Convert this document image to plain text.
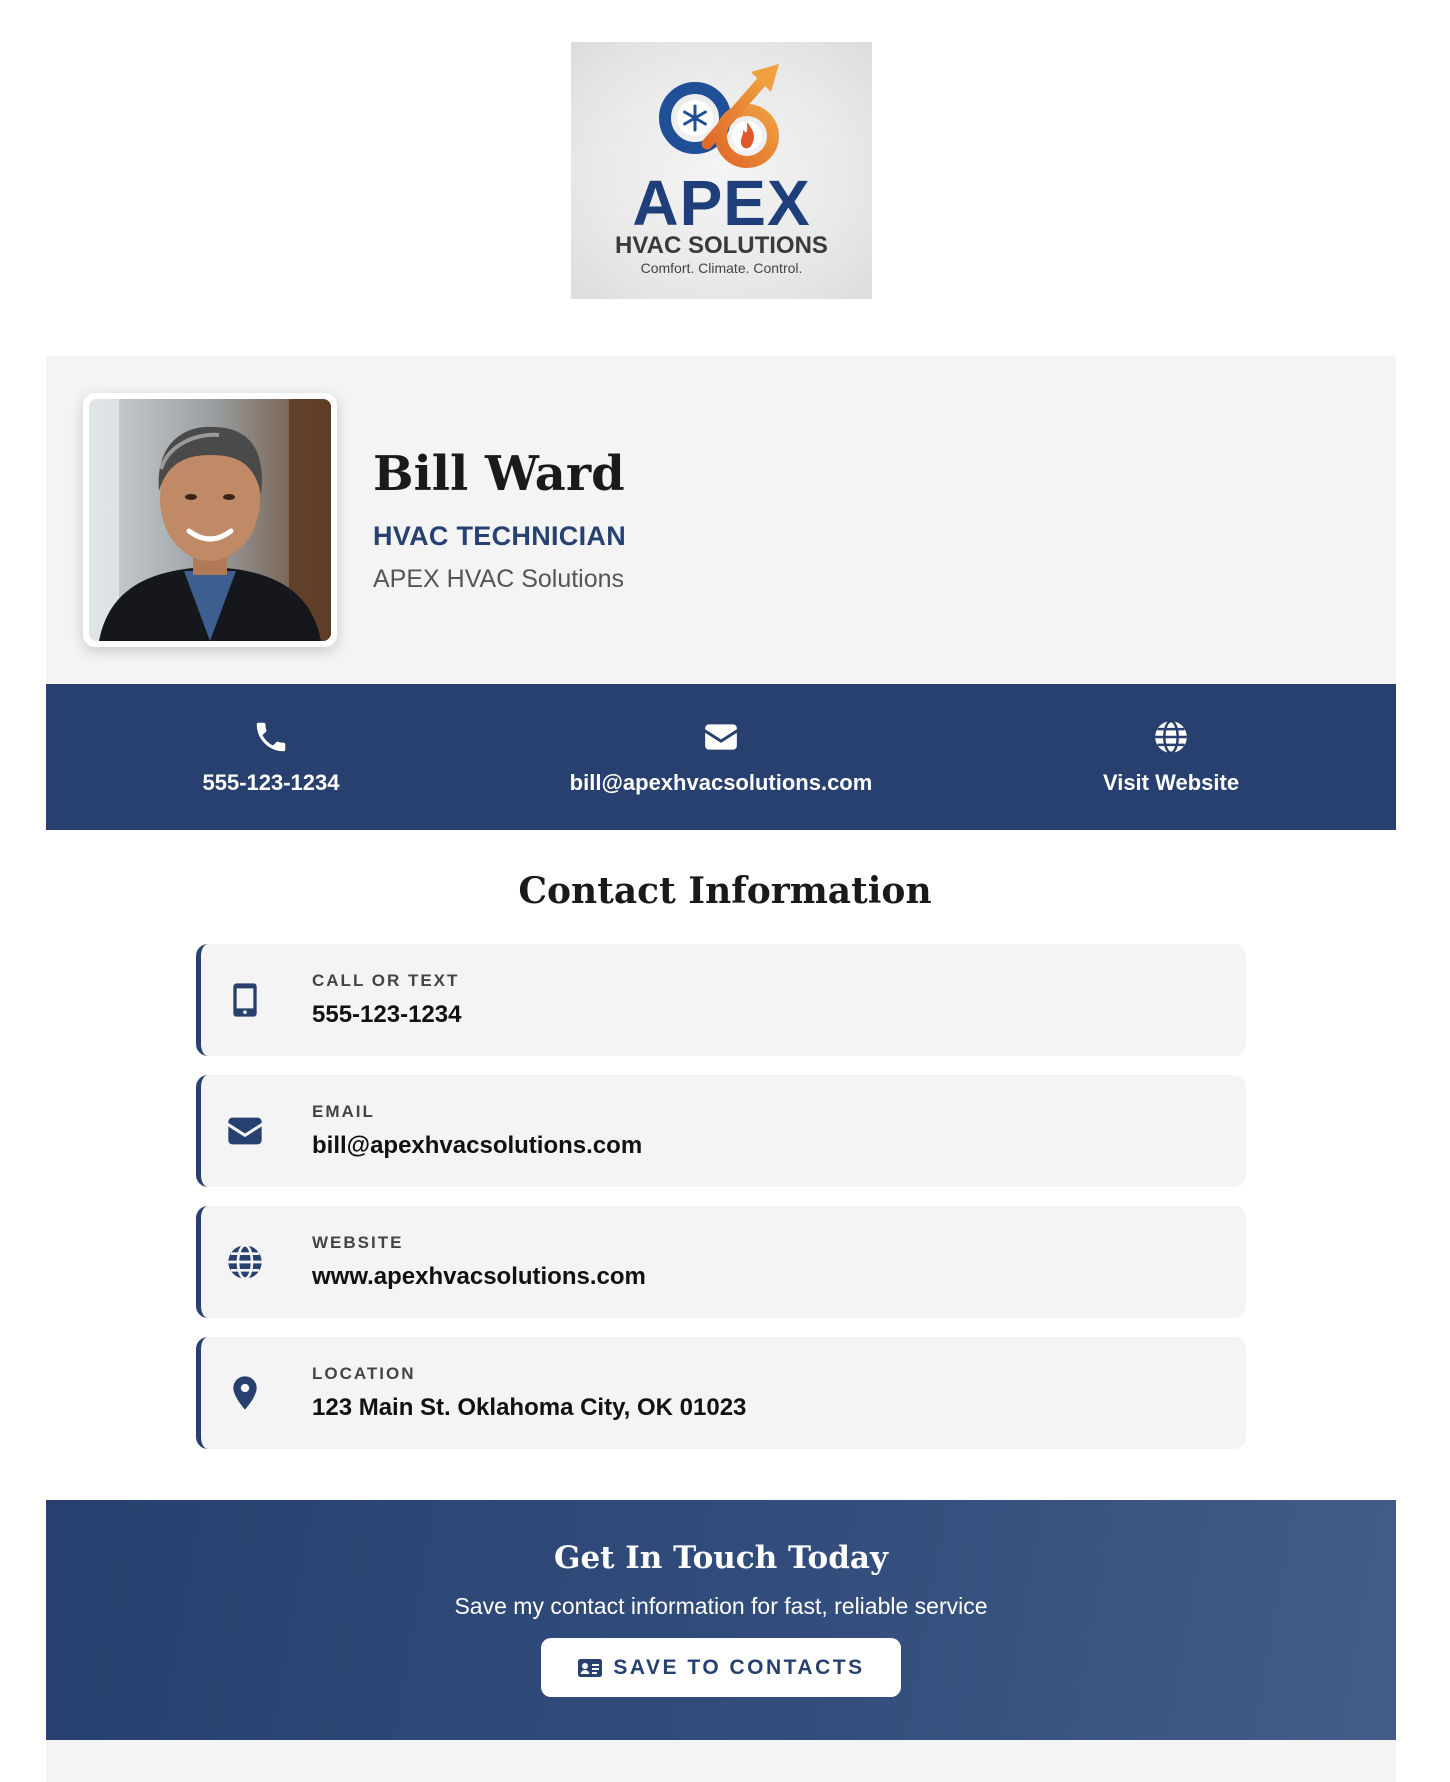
APEX
HVAC SOLUTIONS
Comfort. Climate. Control.
Bill Ward
HVAC TECHNICIAN
APEX HVAC Solutions
555-123-1234	bill@apexhvacsolutions.com	Visit Website
Contact Information
CALL OR TEXT
555-123-1234
EMAIL
bill@apexhvacsolutions.com
WEBSITE
www.apexhvacsolutions.com
LOCATION
123 Main St. Oklahoma City, OK 01023
Get In Touch Today
Save my contact information for fast, reliable service
SAVE TO CONTACTS
